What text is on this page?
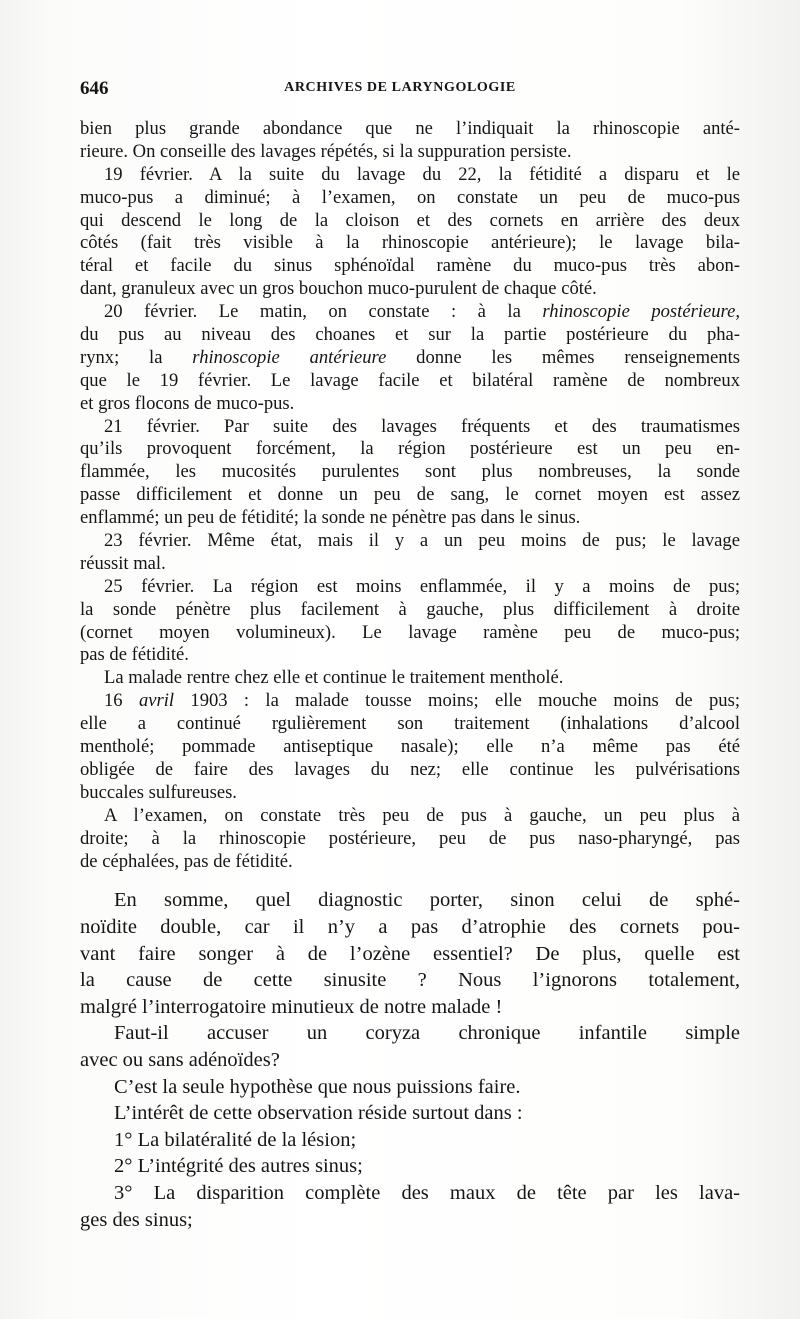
646	ARCHIVES DE LARYNGOLOGIE
bien plus grande abondance que ne l’indiquait la rhinoscopie anté-
rieure. On conseille des lavages répétés, si la suppuration persiste.
19 février. A la suite du lavage du 22, la fétidité a disparu et le
muco-pus a diminué; à l’examen, on constate un peu de muco-pus
qui descend le long de la cloison et des cornets en arrière des deux
côtés (fait très visible à la rhinoscopie antérieure); le lavage bila-
téral et facile du sinus sphénoïdal ramène du muco-pus très abon-
dant, granuleux avec un gros bouchon muco-purulent de chaque côté.
20 février. Le matin, on constate : à la rhinoscopie postérieure,
du pus au niveau des choanes et sur la partie postérieure du pha-
rynx; la rhinoscopie antérieure donne les mêmes renseignements
que le 19 février. Le lavage facile et bilatéral ramène de nombreux
et gros flocons de muco-pus.
21 février. Par suite des lavages fréquents et des traumatismes
qu’ils provoquent forcément, la région postérieure est un peu en-
flammée, les mucosités purulentes sont plus nombreuses, la sonde
passe difficilement et donne un peu de sang, le cornet moyen est assez
enflammé; un peu de fétidité; la sonde ne pénètre pas dans le sinus.
23 février. Même état, mais il y a un peu moins de pus; le lavage
réussit mal.
25 février. La région est moins enflammée, il y a moins de pus;
la sonde pénètre plus facilement à gauche, plus difficilement à droite
(cornet moyen volumineux). Le lavage ramène peu de muco-pus;
pas de fétidité.
La malade rentre chez elle et continue le traitement mentholé.
16 avril 1903 : la malade tousse moins; elle mouche moins de pus;
elle a continué rgulièrement son traitement (inhalations d’alcool
mentholé; pommade antiseptique nasale); elle n’a même pas été
obligée de faire des lavages du nez; elle continue les pulvérisations
buccales sulfureuses.
A l’examen, on constate très peu de pus à gauche, un peu plus à
droite; à la rhinoscopie postérieure, peu de pus naso-pharyngé, pas
de céphalées, pas de fétidité.
En somme, quel diagnostic porter, sinon celui de sphé-
noïdite double, car il n’y a pas d’atrophie des cornets pou-
vant faire songer à de l’ozène essentiel? De plus, quelle est
la cause de cette sinusite ? Nous l’ignorons totalement,
malgré l’interrogatoire minutieux de notre malade !
Faut-il accuser un coryza chronique infantile simple
avec ou sans adénoïdes?
C’est la seule hypothèse que nous puissions faire.
L’intérêt de cette observation réside surtout dans :
1° La bilatéralité de la lésion;
2° L’intégrité des autres sinus;
3° La disparition complète des maux de tête par les lava-
ges des sinus;
